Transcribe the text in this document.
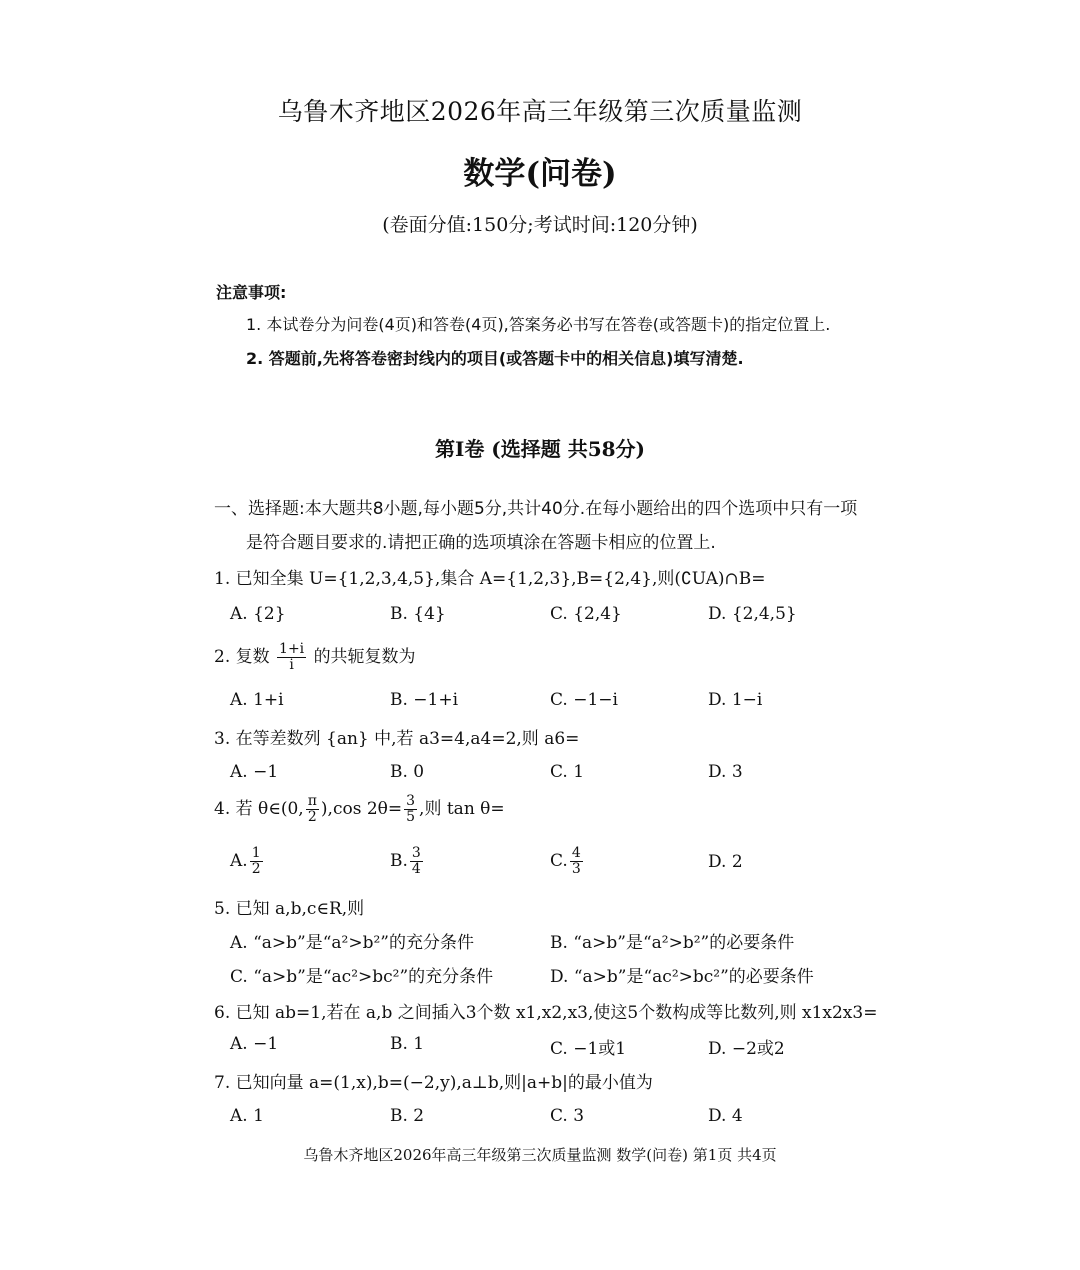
乌鲁木齐地区2026年高三年级第三次质量监测
数学(问卷)
(卷面分值:150分;考试时间:120分钟)
注意事项:
1. 本试卷分为问卷(4页)和答卷(4页),答案务必书写在答卷(或答题卡)的指定位置上.
2. 答题前,先将答卷密封线内的项目(或答题卡中的相关信息)填写清楚.
第Ⅰ卷 (选择题 共58分)
一、选择题:本大题共8小题,每小题5分,共计40分.在每小题给出的四个选项中只有一项
是符合题目要求的.请把正确的选项填涂在答题卡相应的位置上.
1. 已知全集 U={1,2,3,4,5},集合 A={1,2,3},B={2,4},则(∁UA)∩B=
A. {2}	B. {4}	C. {2,4}	D. {2,4,5}
2. 复数 $\frac{1+i}{i}$ 的共轭复数为
A. 1+i	B. −1+i	C. −1−i	D. 1−i
3. 在等差数列 {an} 中,若 a3=4,a4=2,则 a6=
A. −1	B. 0	C. 1	D. 3
4. 若 θ∈(0, $\frac{\pi}{2} ),\cos$ $2\theta= \frac{3}{5}$ ,则 tan θ=
A. $\frac{1}{2}$	B. $\frac{3}{4}$	C. $\frac{4}{3}$	D. 2
5. 已知 a,b,c∈R,则
A. “a>b”是“a²>b²”的充分条件	B. “a>b”是“a²>b²”的必要条件
C. “a>b”是“ac²>bc²”的充分条件	D. “a>b”是“ac²>bc²”的必要条件
6. 已知 ab=1,若在 a,b 之间插入3个数 x1,x2,x3,使这5个数构成等比数列,则 x1x2x3=
A. −1	B. 1	C. −1或1	D. −2或2
7. 已知向量 a=(1,x),b=(−2,y),a⊥b,则|a+b|的最小值为
A. 1	B. 2	C. 3	D. 4
乌鲁木齐地区2026年高三年级第三次质量监测 数学(问卷) 第1页 共4页
